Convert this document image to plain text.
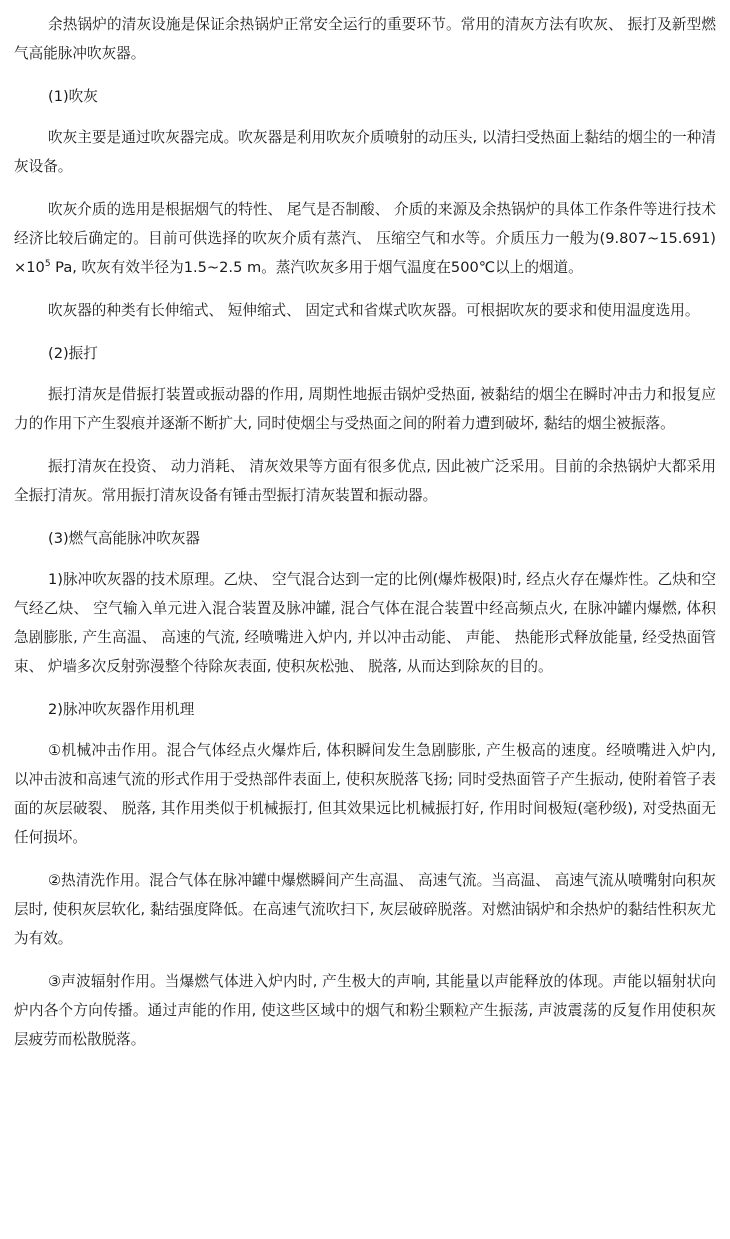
余热锅炉的清灰设施是保证余热锅炉正常安全运行的重要环节。常用的清灰方法有吹灰、 振打及新型燃气高能脉冲吹灰器。

(1)吹灰

吹灰主要是通过吹灰器完成。吹灰器是利用吹灰介质喷射的动压头, 以清扫受热面上黏结的烟尘的一种清灰设备。

吹灰介质的选用是根据烟气的特性、 尾气是否制酸、 介质的来源及余热锅炉的具体工作条件等进行技术经济比较后确定的。目前可供选择的吹灰介质有蒸汽、 压缩空气和水等。介质压力一般为$(9.807\sim 15.691)\times 10^5$ Pa, 吹灰有效半径为1.5~2.5 m。蒸汽吹灰多用于烟气温度在500℃以上的烟道。

吹灰器的种类有长伸缩式、 短伸缩式、 固定式和省煤式吹灰器。可根据吹灰的要求和使用温度选用。

(2)振打

振打清灰是借振打装置或振动器的作用, 周期性地振击锅炉受热面, 被黏结的烟尘在瞬时冲击力和报复应力的作用下产生裂痕并逐渐不断扩大, 同时使烟尘与受热面之间的附着力遭到破坏, 黏结的烟尘被振落。

振打清灰在投资、 动力消耗、 清灰效果等方面有很多优点, 因此被广泛采用。目前的余热锅炉大都采用全振打清灰。常用振打清灰设备有锤击型振打清灰装置和振动器。

(3)燃气高能脉冲吹灰器

1)脉冲吹灰器的技术原理。乙炔、 空气混合达到一定的比例(爆炸极限)时, 经点火存在爆炸性。乙炔和空气经乙炔、 空气输入单元进入混合装置及脉冲罐, 混合气体在混合装置中经高频点火, 在脉冲罐内爆燃, 体积急剧膨胀, 产生高温、 高速的气流, 经喷嘴进入炉内, 并以冲击动能、 声能、 热能形式释放能量, 经受热面管束、 炉墙多次反射弥漫整个待除灰表面, 使积灰松弛、 脱落, 从而达到除灰的目的。

2)脉冲吹灰器作用机理

①机械冲击作用。混合气体经点火爆炸后, 体积瞬间发生急剧膨胀, 产生极高的速度。经喷嘴进入炉内, 以冲击波和高速气流的形式作用于受热部件表面上, 使积灰脱落飞扬; 同时受热面管子产生振动, 使附着管子表面的灰层破裂、 脱落, 其作用类似于机械振打, 但其效果远比机械振打好, 作用时间极短(毫秒级), 对受热面无任何损坏。

②热清洗作用。混合气体在脉冲罐中爆燃瞬间产生高温、 高速气流。当高温、 高速气流从喷嘴射向积灰层时, 使积灰层软化, 黏结强度降低。在高速气流吹扫下, 灰层破碎脱落。对燃油锅炉和余热炉的黏结性积灰尤为有效。

③声波辐射作用。当爆燃气体进入炉内时, 产生极大的声响, 其能量以声能释放的体现。声能以辐射状向炉内各个方向传播。通过声能的作用, 使这些区域中的烟气和粉尘颗粒产生振荡, 声波震荡的反复作用使积灰层疲劳而松散脱落。
